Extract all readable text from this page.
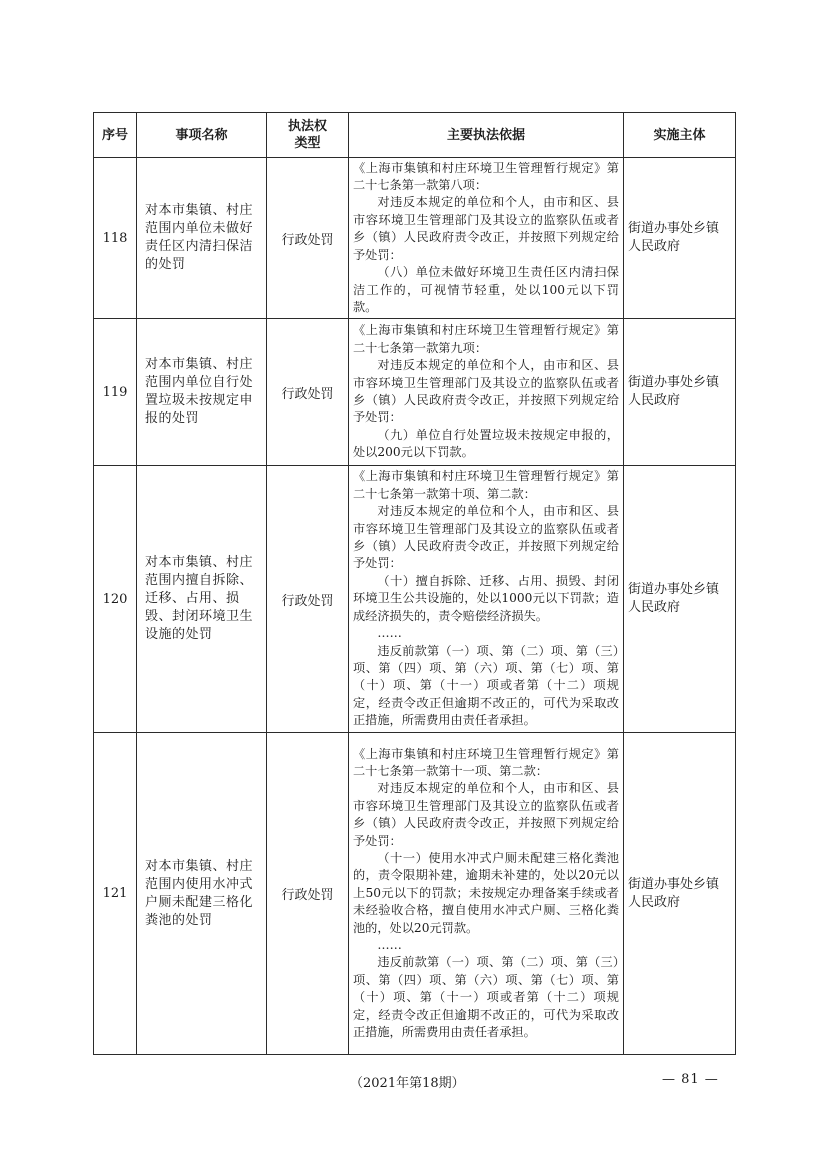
序号	事项名称	执法权类型	主要执法依据	实施主体
118	对本市集镇、村庄范围内单位未做好责任区内清扫保洁的处罚	行政处罚	《上海市集镇和村庄环境卫生管理暂行规定》第二十七条第一款第八项：

对违反本规定的单位和个人，由市和区、县市容环境卫生管理部门及其设立的监察队伍或者乡（镇）人民政府责令改正，并按照下列规定给予处罚：

（八）单位未做好环境卫生责任区内清扫保洁工作的，可视情节轻重，处以100元以下罚款。	街道办事处乡镇人民政府
119	对本市集镇、村庄范围内单位自行处置垃圾未按规定申报的处罚	行政处罚	《上海市集镇和村庄环境卫生管理暂行规定》第二十七条第一款第九项：

对违反本规定的单位和个人，由市和区、县市容环境卫生管理部门及其设立的监察队伍或者乡（镇）人民政府责令改正，并按照下列规定给予处罚：

（九）单位自行处置垃圾未按规定申报的，处以200元以下罚款。	街道办事处乡镇人民政府
120	对本市集镇、村庄范围内擅自拆除、迁移、占用、损毁、封闭环境卫生设施的处罚	行政处罚	《上海市集镇和村庄环境卫生管理暂行规定》第二十七条第一款第十项、第二款：

对违反本规定的单位和个人，由市和区、县市容环境卫生管理部门及其设立的监察队伍或者乡（镇）人民政府责令改正，并按照下列规定给予处罚：

（十）擅自拆除、迁移、占用、损毁、封闭环境卫生公共设施的，处以1000元以下罚款；造成经济损失的，责令赔偿经济损失。

……

违反前款第（一）项、第（二）项、第（三）项、第（四）项、第（六）项、第（七）项、第（十）项、第（十一）项或者第（十二）项规定，经责令改正但逾期不改正的，可代为采取改正措施，所需费用由责任者承担。	街道办事处乡镇人民政府
121	对本市集镇、村庄范围内使用水冲式户厕未配建三格化粪池的处罚	行政处罚	《上海市集镇和村庄环境卫生管理暂行规定》第二十七条第一款第十一项、第二款：

对违反本规定的单位和个人，由市和区、县市容环境卫生管理部门及其设立的监察队伍或者乡（镇）人民政府责令改正，并按照下列规定给予处罚：

（十一）使用水冲式户厕未配建三格化粪池的，责令限期补建，逾期未补建的，处以20元以上50元以下的罚款；未按规定办理备案手续或者未经验收合格，擅自使用水冲式户厕、三格化粪池的，处以20元罚款。

……

违反前款第（一）项、第（二）项、第（三）项、第（四）项、第（六）项、第（七）项、第（十）项、第（十一）项或者第（十二）项规定，经责令改正但逾期不改正的，可代为采取改正措施，所需费用由责任者承担。	街道办事处乡镇人民政府
（2021年第18期）	— 81 —
